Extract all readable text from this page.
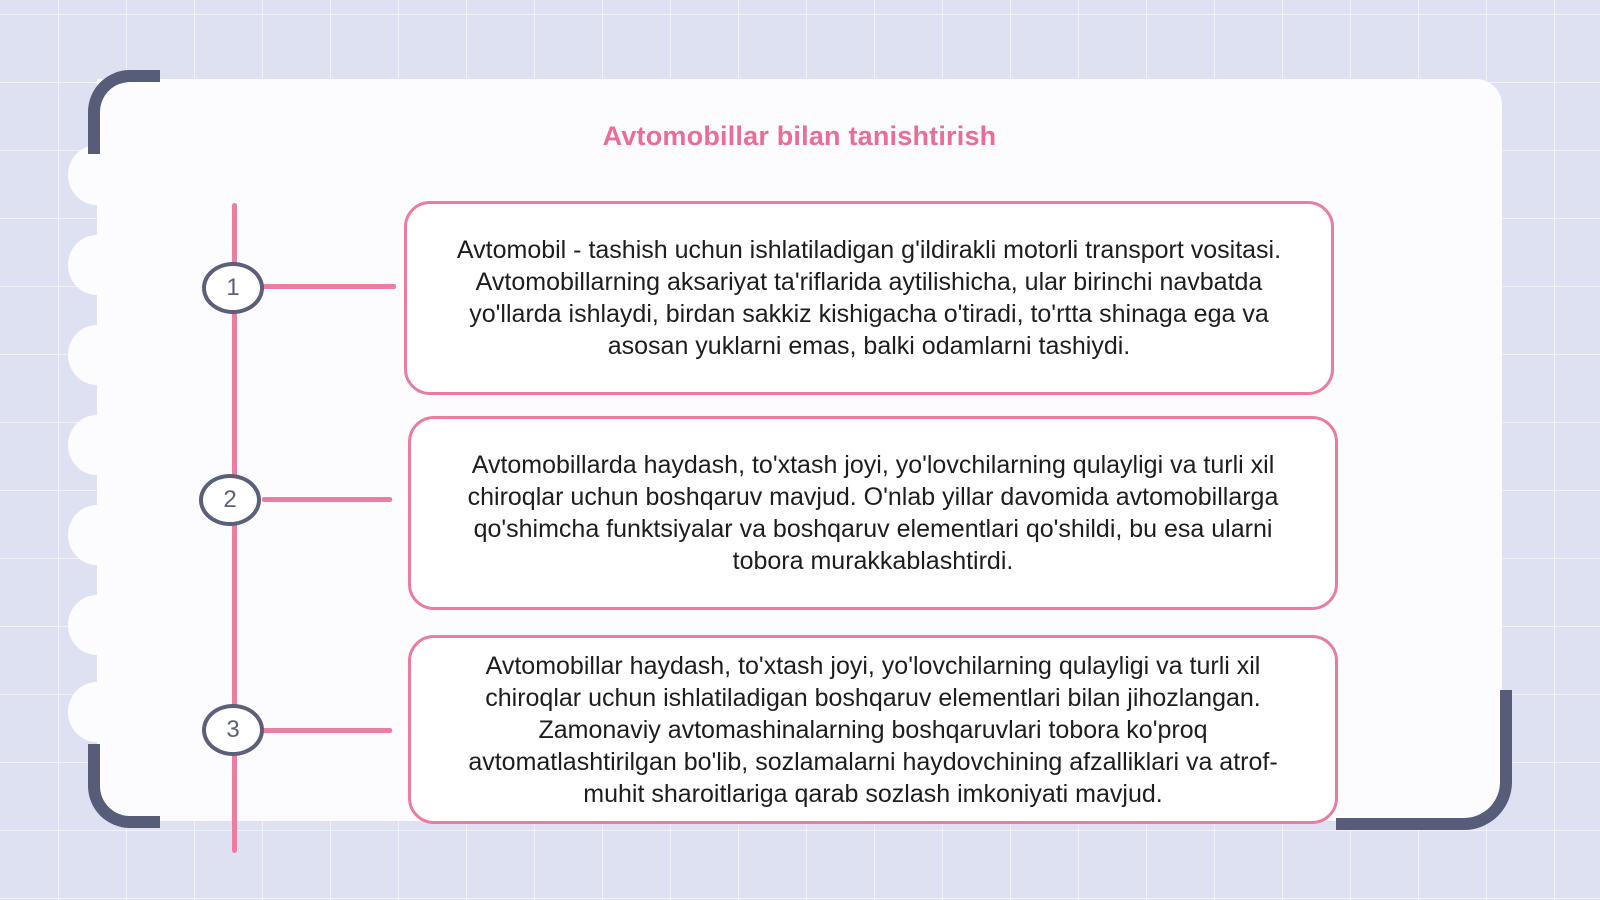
Avtomobillar bilan tanishtirish
1
2
3
Avtomobil - tashish uchun ishlatiladigan g'ildirakli motorli transport vositasi. Avtomobillarning aksariyat ta'riflarida aytilishicha, ular birinchi navbatda yo'llarda ishlaydi, birdan sakkiz kishigacha o'tiradi, to'rtta shinaga ega va asosan yuklarni emas, balki odamlarni tashiydi.
Avtomobillarda haydash, to'xtash joyi, yo'lovchilarning qulayligi va turli xil chiroqlar uchun boshqaruv mavjud. O'nlab yillar davomida avtomobillarga qo'shimcha funktsiyalar va boshqaruv elementlari qo'shildi, bu esa ularni tobora murakkablashtirdi.
Avtomobillar haydash, to'xtash joyi, yo'lovchilarning qulayligi va turli xil chiroqlar uchun ishlatiladigan boshqaruv elementlari bilan jihozlangan. Zamonaviy avtomashinalarning boshqaruvlari tobora ko'proq avtomatlashtirilgan bo'lib, sozlamalarni haydovchining afzalliklari va atrof-muhit sharoitlariga qarab sozlash imkoniyati mavjud.
